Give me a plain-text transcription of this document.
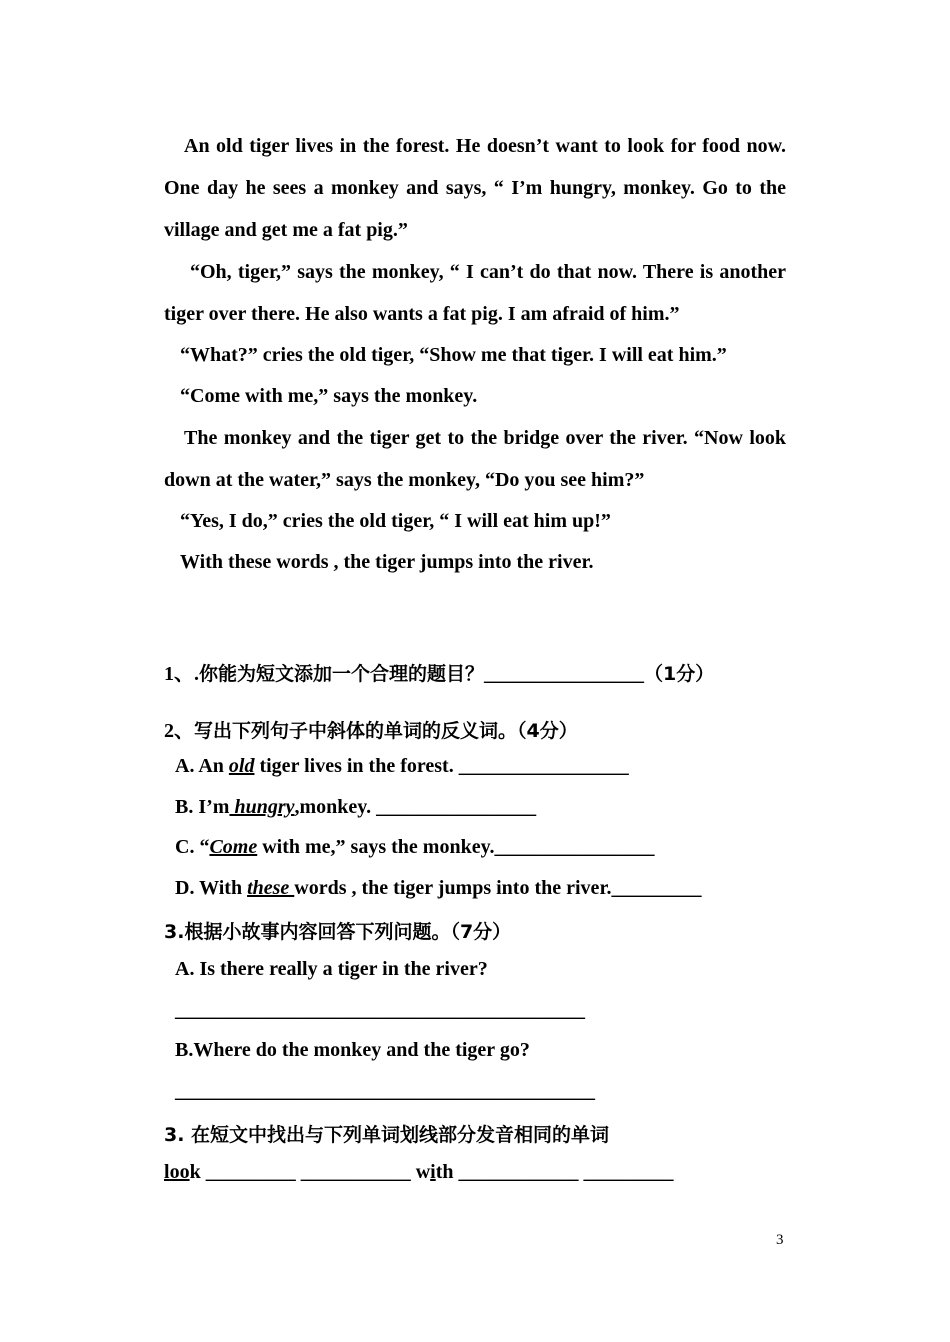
An old tiger lives in the forest. He doesn’t want to look for food now. One day he sees a monkey and says, “ I’m hungry, monkey. Go to the village and get me a fat pig.”

“Oh, tiger,” says the monkey, “ I can’t do that now. There is another tiger over there. He also wants a fat pig. I am afraid of him.”

“What?” cries the old tiger, “Show me that tiger. I will eat him.”

“Come with me,” says the monkey.

The monkey and the tiger get to the bridge over the river. “Now look down at the water,” says the monkey, “Do you see him?”

“Yes, I do,” cries the old tiger, “ I will eat him up!”

With these words , the tiger jumps into the river.

1、.你能为短文添加一个合理的题目？________________（1分）

2、写出下列句子中斜体的单词的反义词。（4分）

A. An old tiger lives in the forest. _________________

B. I’m hungry,monkey. ________________

C. “Come with me,” says the monkey.________________

D. With these words , the tiger jumps into the river._________

3.根据小故事内容回答下列问题。（7分）

A. Is there really a tiger in the river?

_________________________________________

B.Where do the monkey and the tiger go?

__________________________________________

3. 在短文中找出与下列单词划线部分发音相同的单词

look _________ ___________ with ____________ _________

3
